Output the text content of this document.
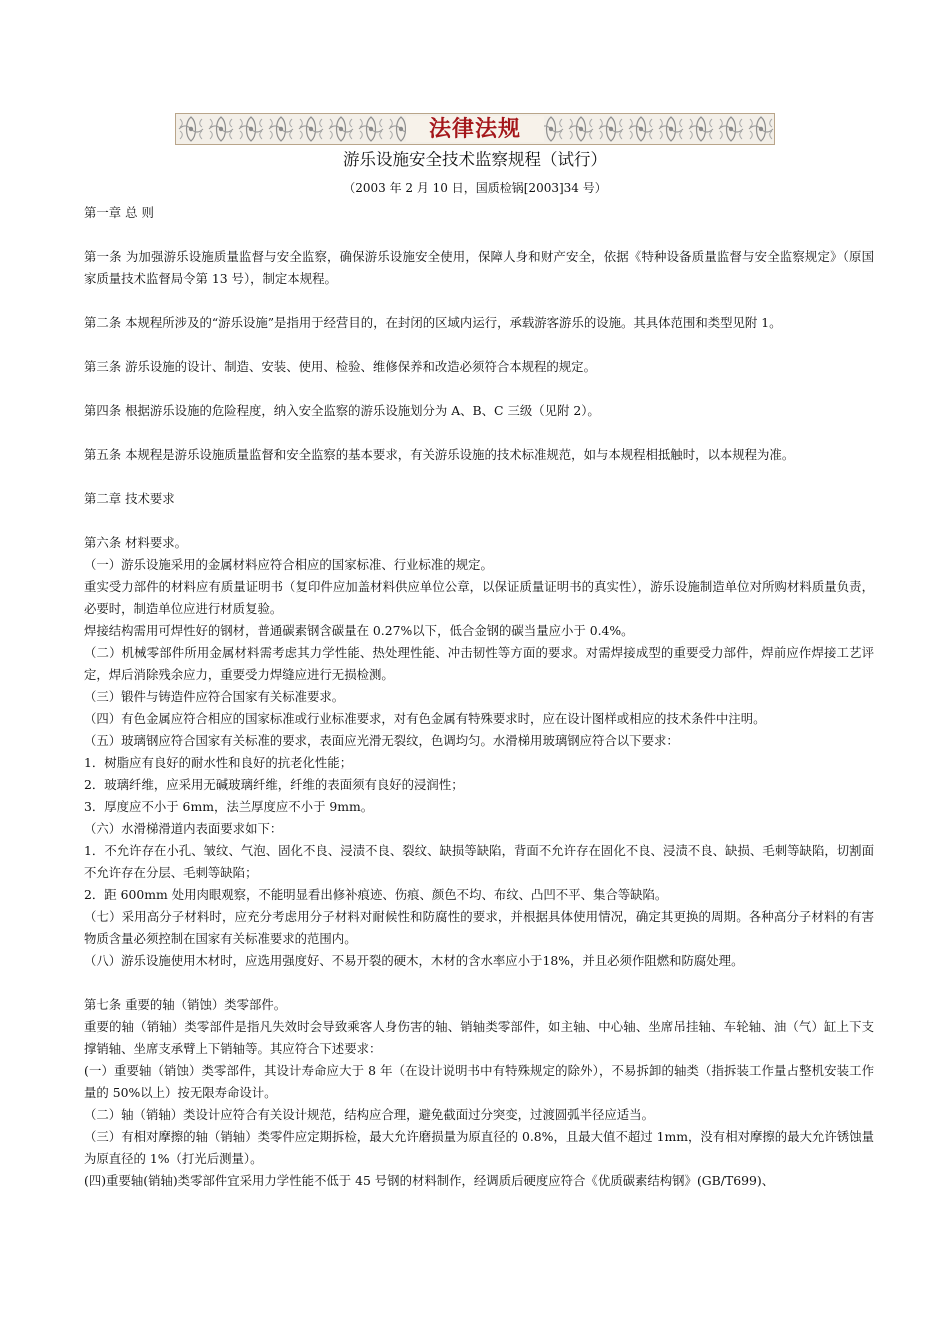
法律法规
游乐设施安全技术监察规程（试行）
（2003 年 2 月 10 日，国质检锅[2003]34 号）

第一章 总 则

第一条 为加强游乐设施质量监督与安全监察，确保游乐设施安全使用，保障人身和财产安全，依据《特种设备质量监督与安全监察规定》（原国家质量技术监督局令第 13 号），制定本规程。

第二条 本规程所涉及的“游乐设施”是指用于经营目的，在封闭的区域内运行，承载游客游乐的设施。其具体范围和类型见附 1。

第三条 游乐设施的设计、制造、安装、使用、检验、维修保养和改造必须符合本规程的规定。

第四条 根据游乐设施的危险程度，纳入安全监察的游乐设施划分为 A、B、C 三级（见附 2）。

第五条 本规程是游乐设施质量监督和安全监察的基本要求，有关游乐设施的技术标准规范，如与本规程相抵触时，以本规程为准。

第二章 技术要求

第六条 材料要求。

（一）游乐设施采用的金属材料应符合相应的国家标准、行业标准的规定。

重实受力部件的材料应有质量证明书（复印件应加盖材料供应单位公章，以保证质量证明书的真实性），游乐设施制造单位对所购材料质量负责，必要时，制造单位应进行材质复验。

焊接结构需用可焊性好的钢材，普通碳素钢含碳量在 0.27%以下，低合金钢的碳当量应小于 0.4%。

（二）机械零部件所用金属材料需考虑其力学性能、热处理性能、冲击韧性等方面的要求。对需焊接成型的重要受力部件，焊前应作焊接工艺评定，焊后消除残余应力，重要受力焊缝应进行无损检测。

（三）锻件与铸造件应符合国家有关标准要求。

（四）有色金属应符合相应的国家标准或行业标准要求，对有色金属有特殊要求时，应在设计图样或相应的技术条件中注明。

（五）玻璃钢应符合国家有关标准的要求，表面应光滑无裂纹，色调均匀。水滑梯用玻璃钢应符合以下要求：

1．树脂应有良好的耐水性和良好的抗老化性能；

2．玻璃纤维，应采用无碱玻璃纤维，纤维的表面须有良好的浸润性；

3．厚度应不小于 6mm，法兰厚度应不小于 9mm。

（六）水滑梯滑道内表面要求如下：

1．不允许存在小孔、皱纹、气泡、固化不良、浸渍不良、裂纹、缺损等缺陷，背面不允许存在固化不良、浸渍不良、缺损、毛刺等缺陷，切割面不允许存在分层、毛刺等缺陷；

2．距 600mm 处用肉眼观察，不能明显看出修补痕迹、伤痕、颜色不均、布纹、凸凹不平、集合等缺陷。

（七）采用高分子材料时，应充分考虑用分子材料对耐候性和防腐性的要求，并根据具体使用情况，确定其更换的周期。各种高分子材料的有害物质含量必须控制在国家有关标准要求的范围内。

（八）游乐设施使用木材时，应选用强度好、不易开裂的硬木，木材的含水率应小于18%，并且必须作阻燃和防腐处理。

第七条 重要的轴（销蚀）类零部件。

重要的轴（销轴）类零部件是指凡失效时会导致乘客人身伤害的轴、销轴类零部件，如主轴、中心轴、坐席吊挂轴、车轮轴、油（气）缸上下支撑销轴、坐席支承臂上下销轴等。其应符合下述要求：

(一）重要轴（销蚀）类零部件，其设计寿命应大于 8 年（在设计说明书中有特殊规定的除外），不易拆卸的轴类（指拆装工作量占整机安装工作量的 50%以上）按无限寿命设计。

（二）轴（销轴）类设计应符合有关设计规范，结构应合理，避免截面过分突变，过渡圆弧半径应适当。

（三）有相对摩擦的轴（销轴）类零件应定期拆检，最大允许磨损量为原直径的 0.8%，且最大值不超过 1mm，没有相对摩擦的最大允许锈蚀量为原直径的 1%（打光后测量）。

(四)重要轴(销轴)类零部件宜采用力学性能不低于 45 号钢的材料制作，经调质后硬度应符合《优质碳素结构钢》(GB/T699)、
